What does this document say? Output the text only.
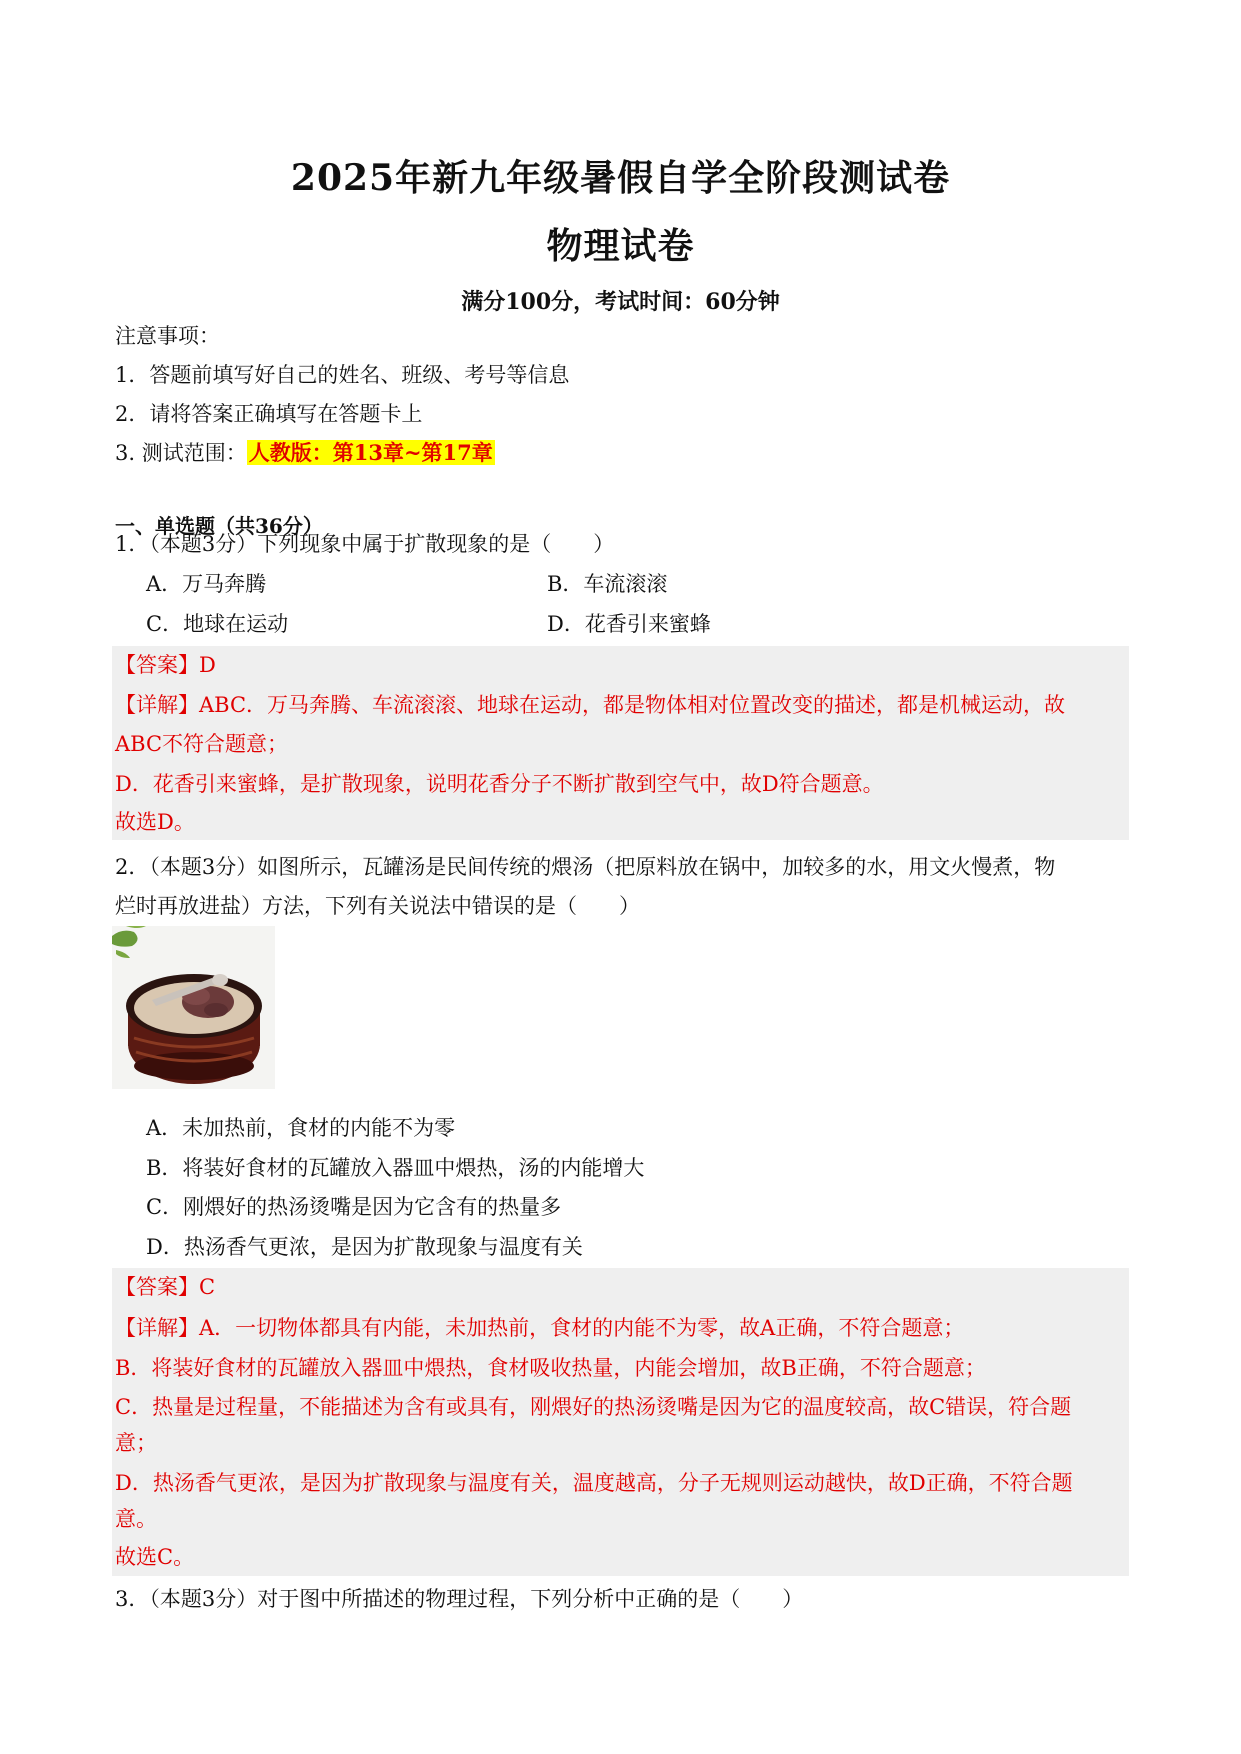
2025年新九年级暑假自学全阶段测试卷
物理试卷
满分100分，考试时间：60分钟
注意事项：
1．答题前填写好自己的姓名、班级、考号等信息
2．请将答案正确填写在答题卡上
3. 测试范围：人教版：第13章~第17章
一、单选题（共36分）
1．（本题3分）下列现象中属于扩散现象的是（　　）
A．万马奔腾	B．车流滚滚
C．地球在运动	D．花香引来蜜蜂
【答案】D
【详解】ABC．万马奔腾、车流滚滚、地球在运动，都是物体相对位置改变的描述，都是机械运动，故
ABC不符合题意；
D．花香引来蜜蜂，是扩散现象，说明花香分子不断扩散到空气中，故D符合题意。
故选D。
2．（本题3分）如图所示，瓦罐汤是民间传统的煨汤（把原料放在锅中，加较多的水，用文火慢煮，物
烂时再放进盐）方法，下列有关说法中错误的是（　　）
A．未加热前，食材的内能不为零
B．将装好食材的瓦罐放入器皿中煨热，汤的内能增大
C．刚煨好的热汤烫嘴是因为它含有的热量多
D．热汤香气更浓，是因为扩散现象与温度有关
【答案】C
【详解】A．一切物体都具有内能，未加热前，食材的内能不为零，故A正确，不符合题意；
B．将装好食材的瓦罐放入器皿中煨热，食材吸收热量，内能会增加，故B正确，不符合题意；
C．热量是过程量，不能描述为含有或具有，刚煨好的热汤烫嘴是因为它的温度较高，故C错误，符合题
意；
D．热汤香气更浓，是因为扩散现象与温度有关，温度越高，分子无规则运动越快，故D正确，不符合题
意。
故选C。
3．（本题3分）对于图中所描述的物理过程，下列分析中正确的是（　　）
